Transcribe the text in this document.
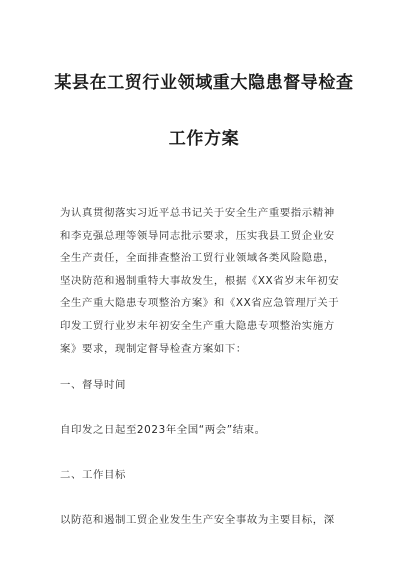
某县在工贸行业领域重大隐患督导检查
工作方案

为认真贯彻落实习近平总书记关于安全生产重要指示精神
和李克强总理等领导同志批示要求，压实我县工贸企业安
全生产责任，全面排查整治工贸行业领域各类风险隐患，
坚决防范和遏制重特大事故发生，根据《XX省岁末年初安
全生产重大隐患专项整治方案》和《XX省应急管理厅关于
印发工贸行业岁末年初安全生产重大隐患专项整治实施方
案》要求，现制定督导检查方案如下：

一、督导时间

自印发之日起至2023年全国“两会”结束。

二、工作目标

以防范和遏制工贸企业发生生产安全事故为主要目标，深
